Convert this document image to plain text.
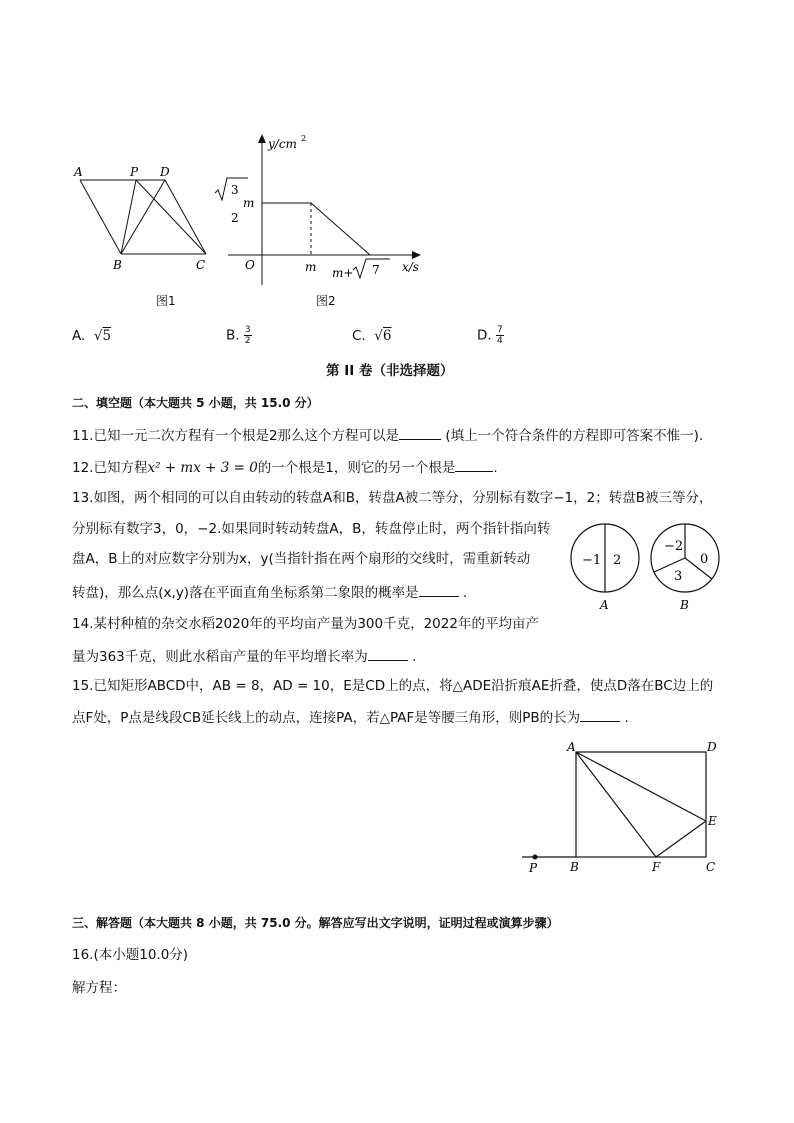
A	P D
B	C
图1
y/cm 2
3
2
m
O	m m+ 7 x/s
图2
A.  √5	B. $\frac{3}{2}$	C.  √6	D. $\frac{7}{4}$
第 II 卷（非选择题）
二、填空题（本大题共 5 小题，共 15.0 分）
11.已知一元二次方程有一个根是2那么这个方程可以是	(填上一个符合条件的方程即可答案不惟一).
12.已知方程x² + mx + 3 = 0的一个根是1，则它的另一个根是	.
13.如图，两个相同的可以自由转动的转盘A和B，转盘A被二等分，分别标有数字−1，2；转盘B被三等分，
分别标有数字3，0，−2.如果同时转动转盘A，B，转盘停止时，两个指针指向转
盘A，B上的对应数字分别为x，y(当指针指在两个扇形的交线时，需重新转动
转盘)，那么点(x,y)落在平面直角坐标系第二象限的概率是	.
−1 2
A
−2
0
3
B
14.某村种植的杂交水稻2020年的平均亩产量为300千克，2022年的平均亩产
量为363千克，则此水稻亩产量的年平均增长率为	.
15.已知矩形ABCD中，AB = 8，AD = 10，E是CD上的点，将△ADE沿折痕AE折叠，使点D落在BC边上的
点F处，P点是线段CB延长线上的动点，连接PA，若△PAF是等腰三角形，则PB的长为	.
A	D
E
P	B	F	C
三、解答题（本大题共 8 小题，共 75.0 分。解答应写出文字说明，证明过程或演算步骤）
16.(本小题10.0分)
解方程：
